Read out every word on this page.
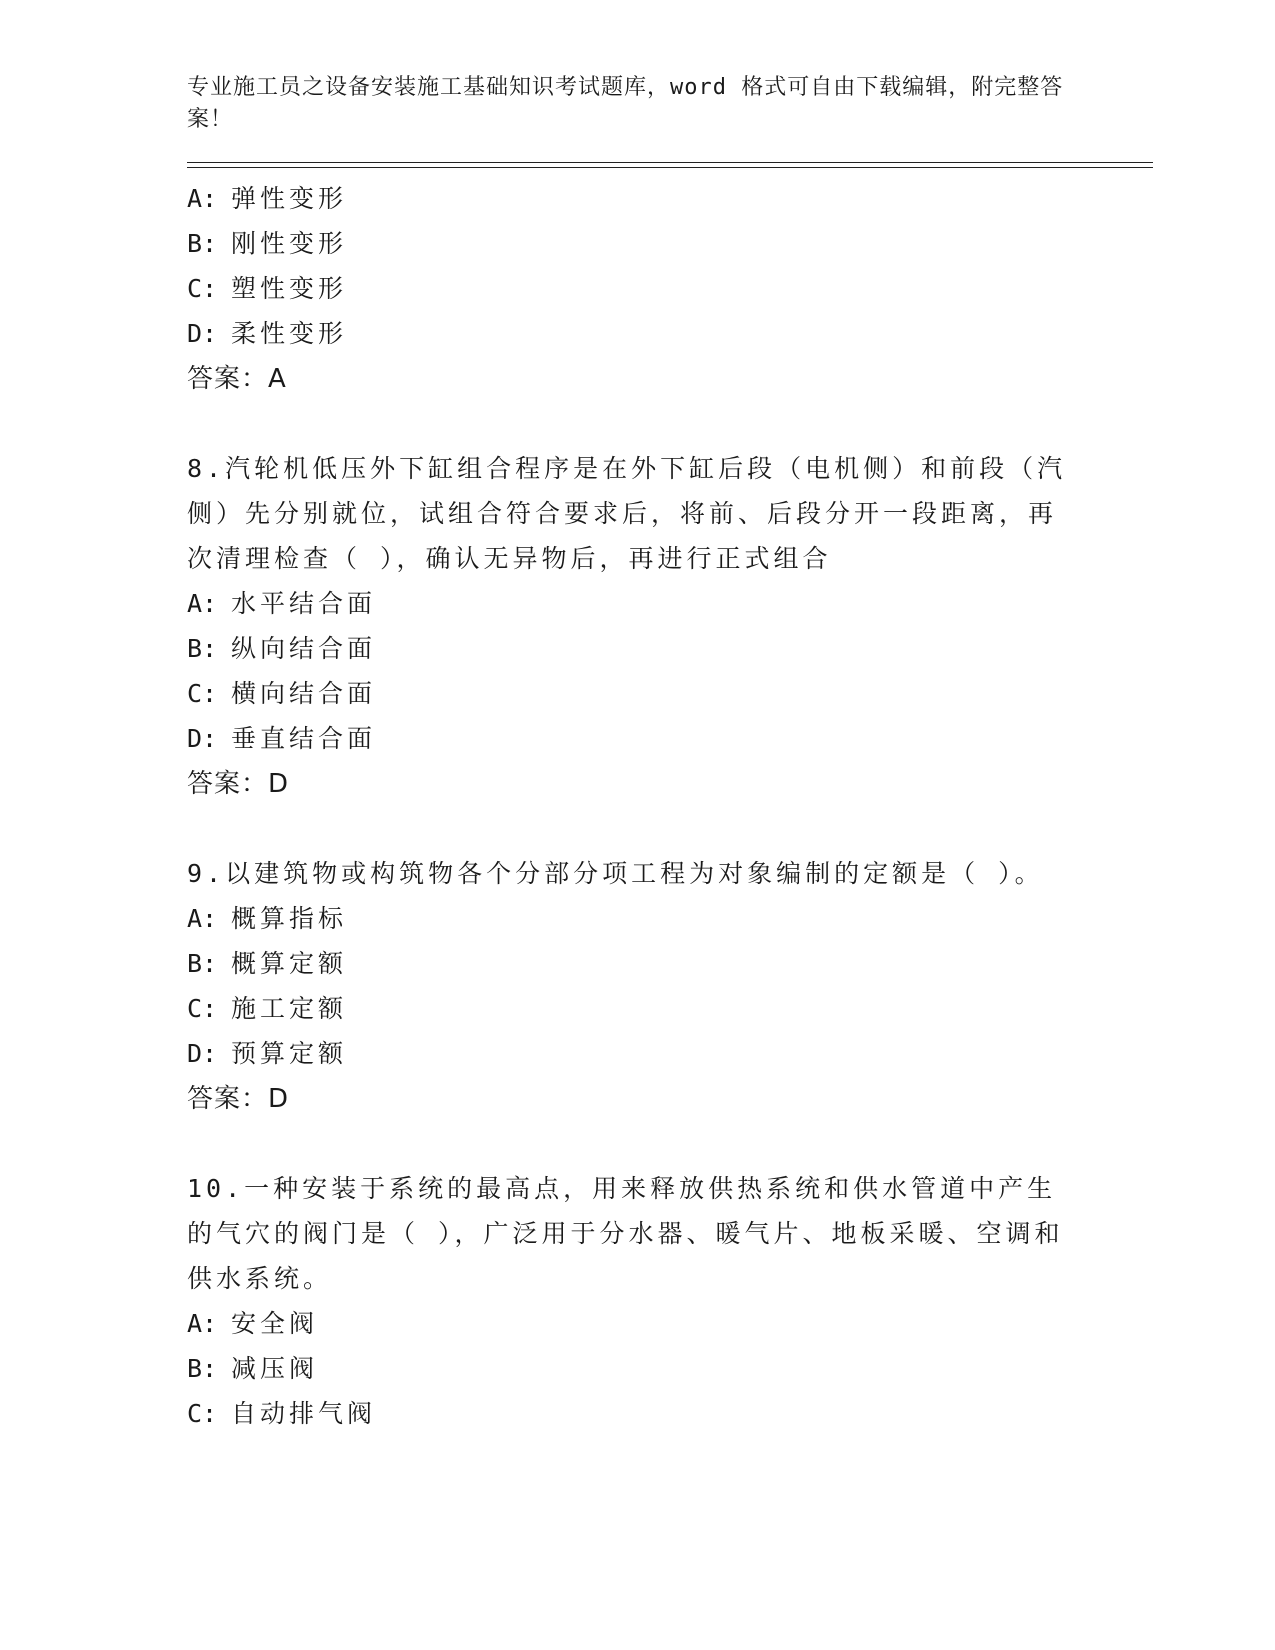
专业施工员之设备安装施工基础知识考试题库，word 格式可自由下载编辑，附完整答案！
A: 弹性变形
B: 刚性变形
C: 塑性变形
D: 柔性变形
答案：A
8.汽轮机低压外下缸组合程序是在外下缸后段（电机侧）和前段（汽侧）先分别就位，试组合符合要求后，将前、后段分开一段距离，再次清理检查（ ），确认无异物后，再进行正式组合
A: 水平结合面
B: 纵向结合面
C: 横向结合面
D: 垂直结合面
答案：D
9.以建筑物或构筑物各个分部分项工程为对象编制的定额是（ ）。
A: 概算指标
B: 概算定额
C: 施工定额
D: 预算定额
答案：D
10.一种安装于系统的最高点，用来释放供热系统和供水管道中产生的气穴的阀门是（ ），广泛用于分水器、暖气片、地板采暖、空调和供水系统。
A: 安全阀
B: 减压阀
C: 自动排气阀
